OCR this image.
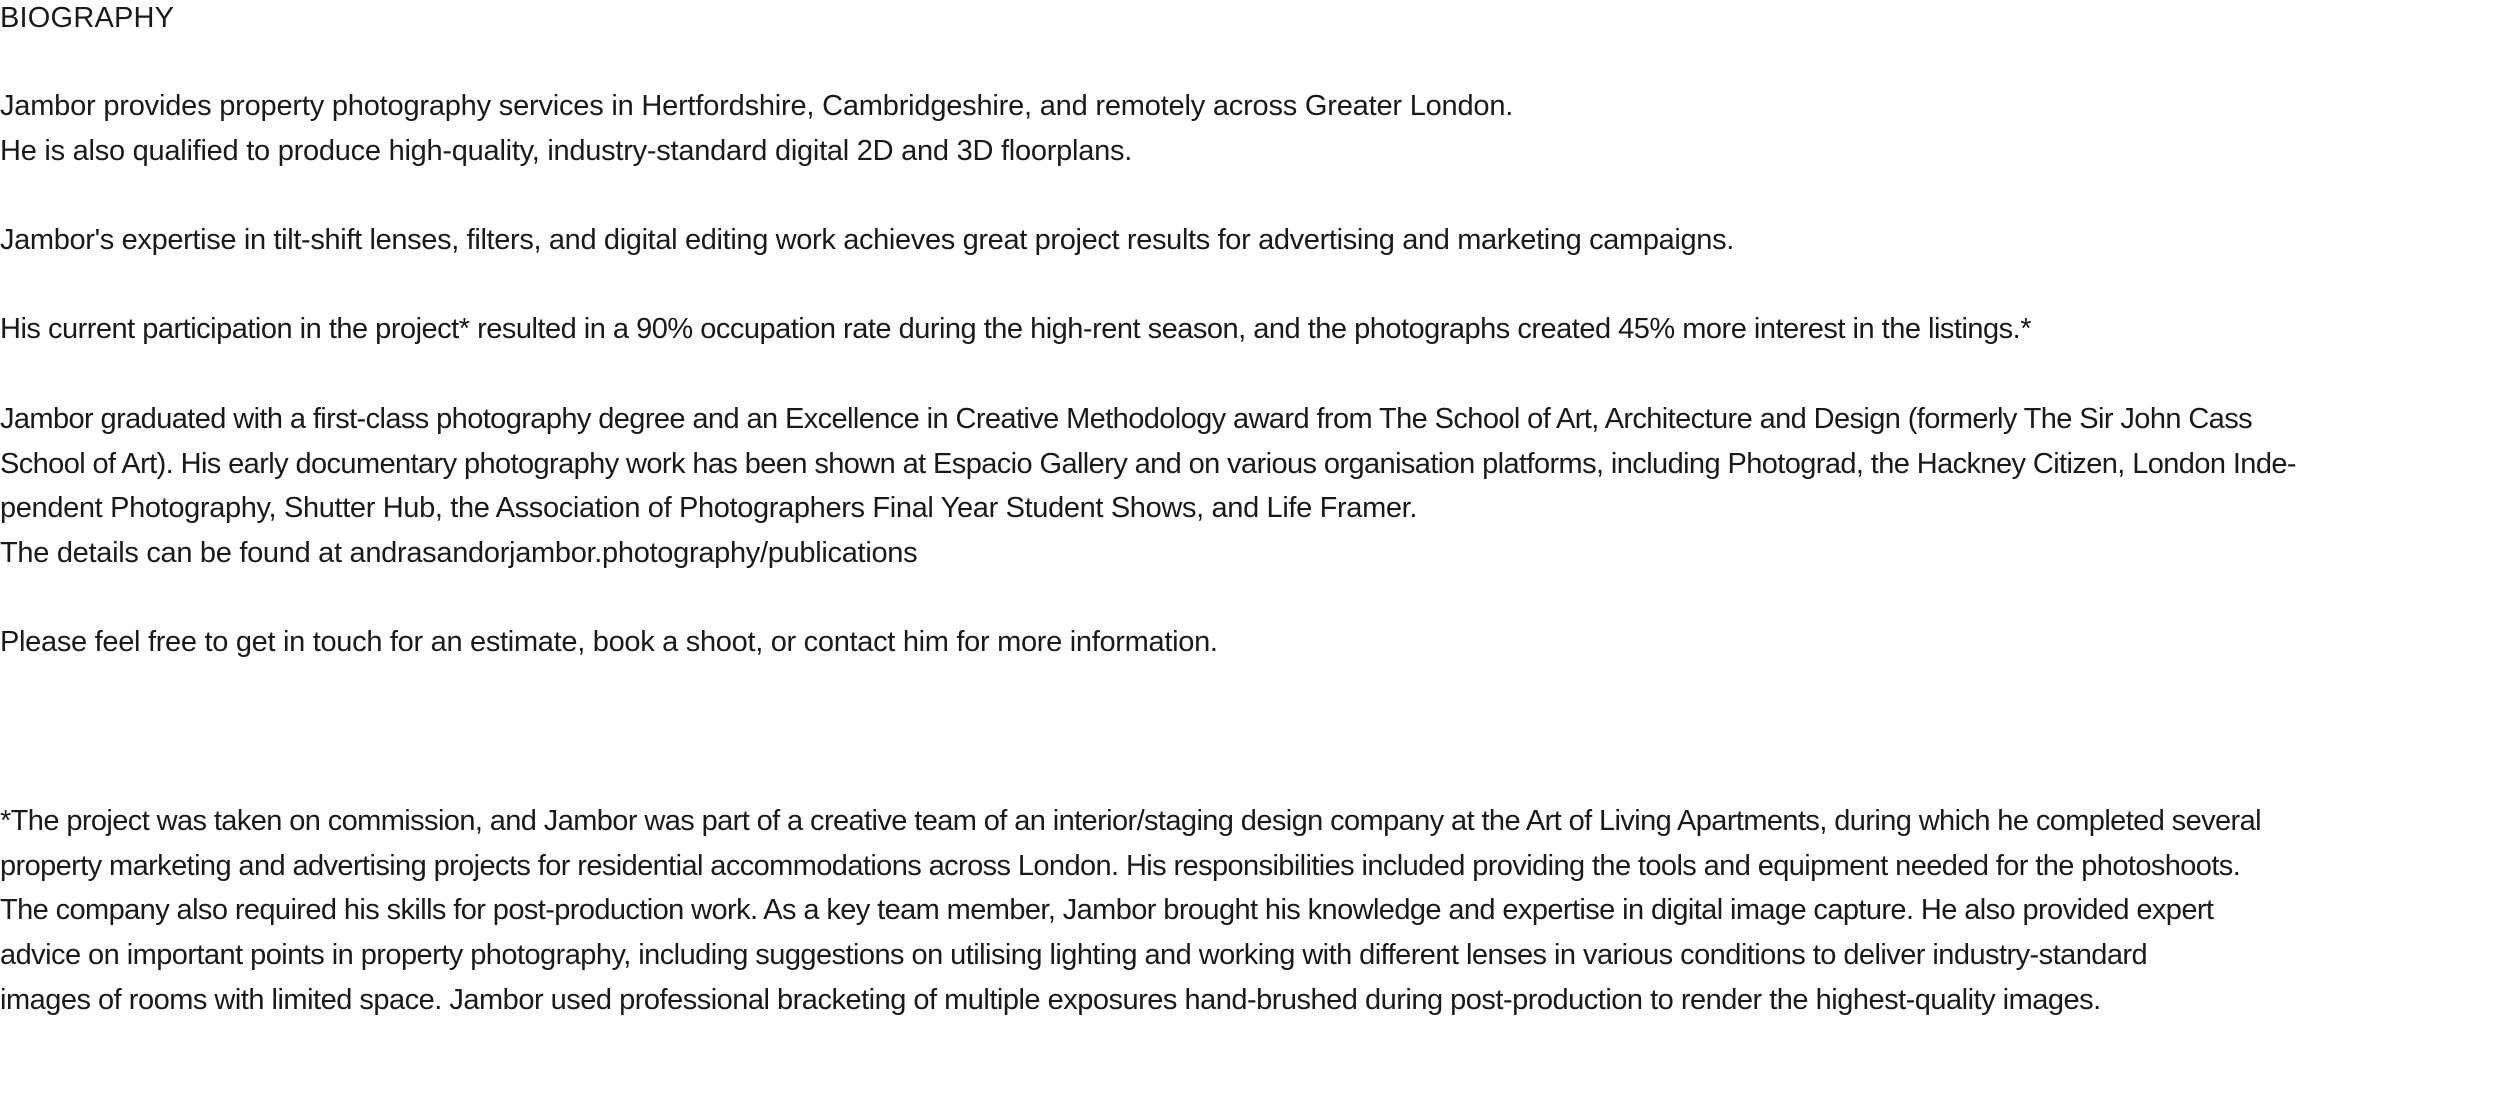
BIOGRAPHY
Jambor provides property photography services in Hertfordshire, Cambridgeshire, and remotely across Greater London.
He is also qualified to produce high-quality, industry-standard digital 2D and 3D floorplans.
Jambor's expertise in tilt-shift lenses, filters, and digital editing work achieves great project results for advertising and marketing campaigns.
His current participation in the project* resulted in a 90% occupation rate during the high-rent season, and the photographs created 45% more interest in the listings.*
Jambor graduated with a first-class photography degree and an Excellence in Creative Methodology award from The School of Art, Architecture and Design (formerly The Sir John Cass
School of Art). His early documentary photography work has been shown at Espacio Gallery and on various organisation platforms, including Photograd, the Hackney Citizen, London Inde-
pendent Photography, Shutter Hub, the Association of Photographers Final Year Student Shows, and Life Framer.
The details can be found at andrasandorjambor.photography/publications
Please feel free to get in touch for an estimate, book a shoot, or contact him for more information.
*The project was taken on commission, and Jambor was part of a creative team of an interior/staging design company at the Art of Living Apartments, during which he completed several
property marketing and advertising projects for residential accommodations across London. His responsibilities included providing the tools and equipment needed for the photoshoots.
The company also required his skills for post-production work. As a key team member, Jambor brought his knowledge and expertise in digital image capture. He also provided expert
advice on important points in property photography, including suggestions on utilising lighting and working with different lenses in various conditions to deliver industry-standard
images of rooms with limited space. Jambor used professional bracketing of multiple exposures hand-brushed during post-production to render the highest-quality images.
